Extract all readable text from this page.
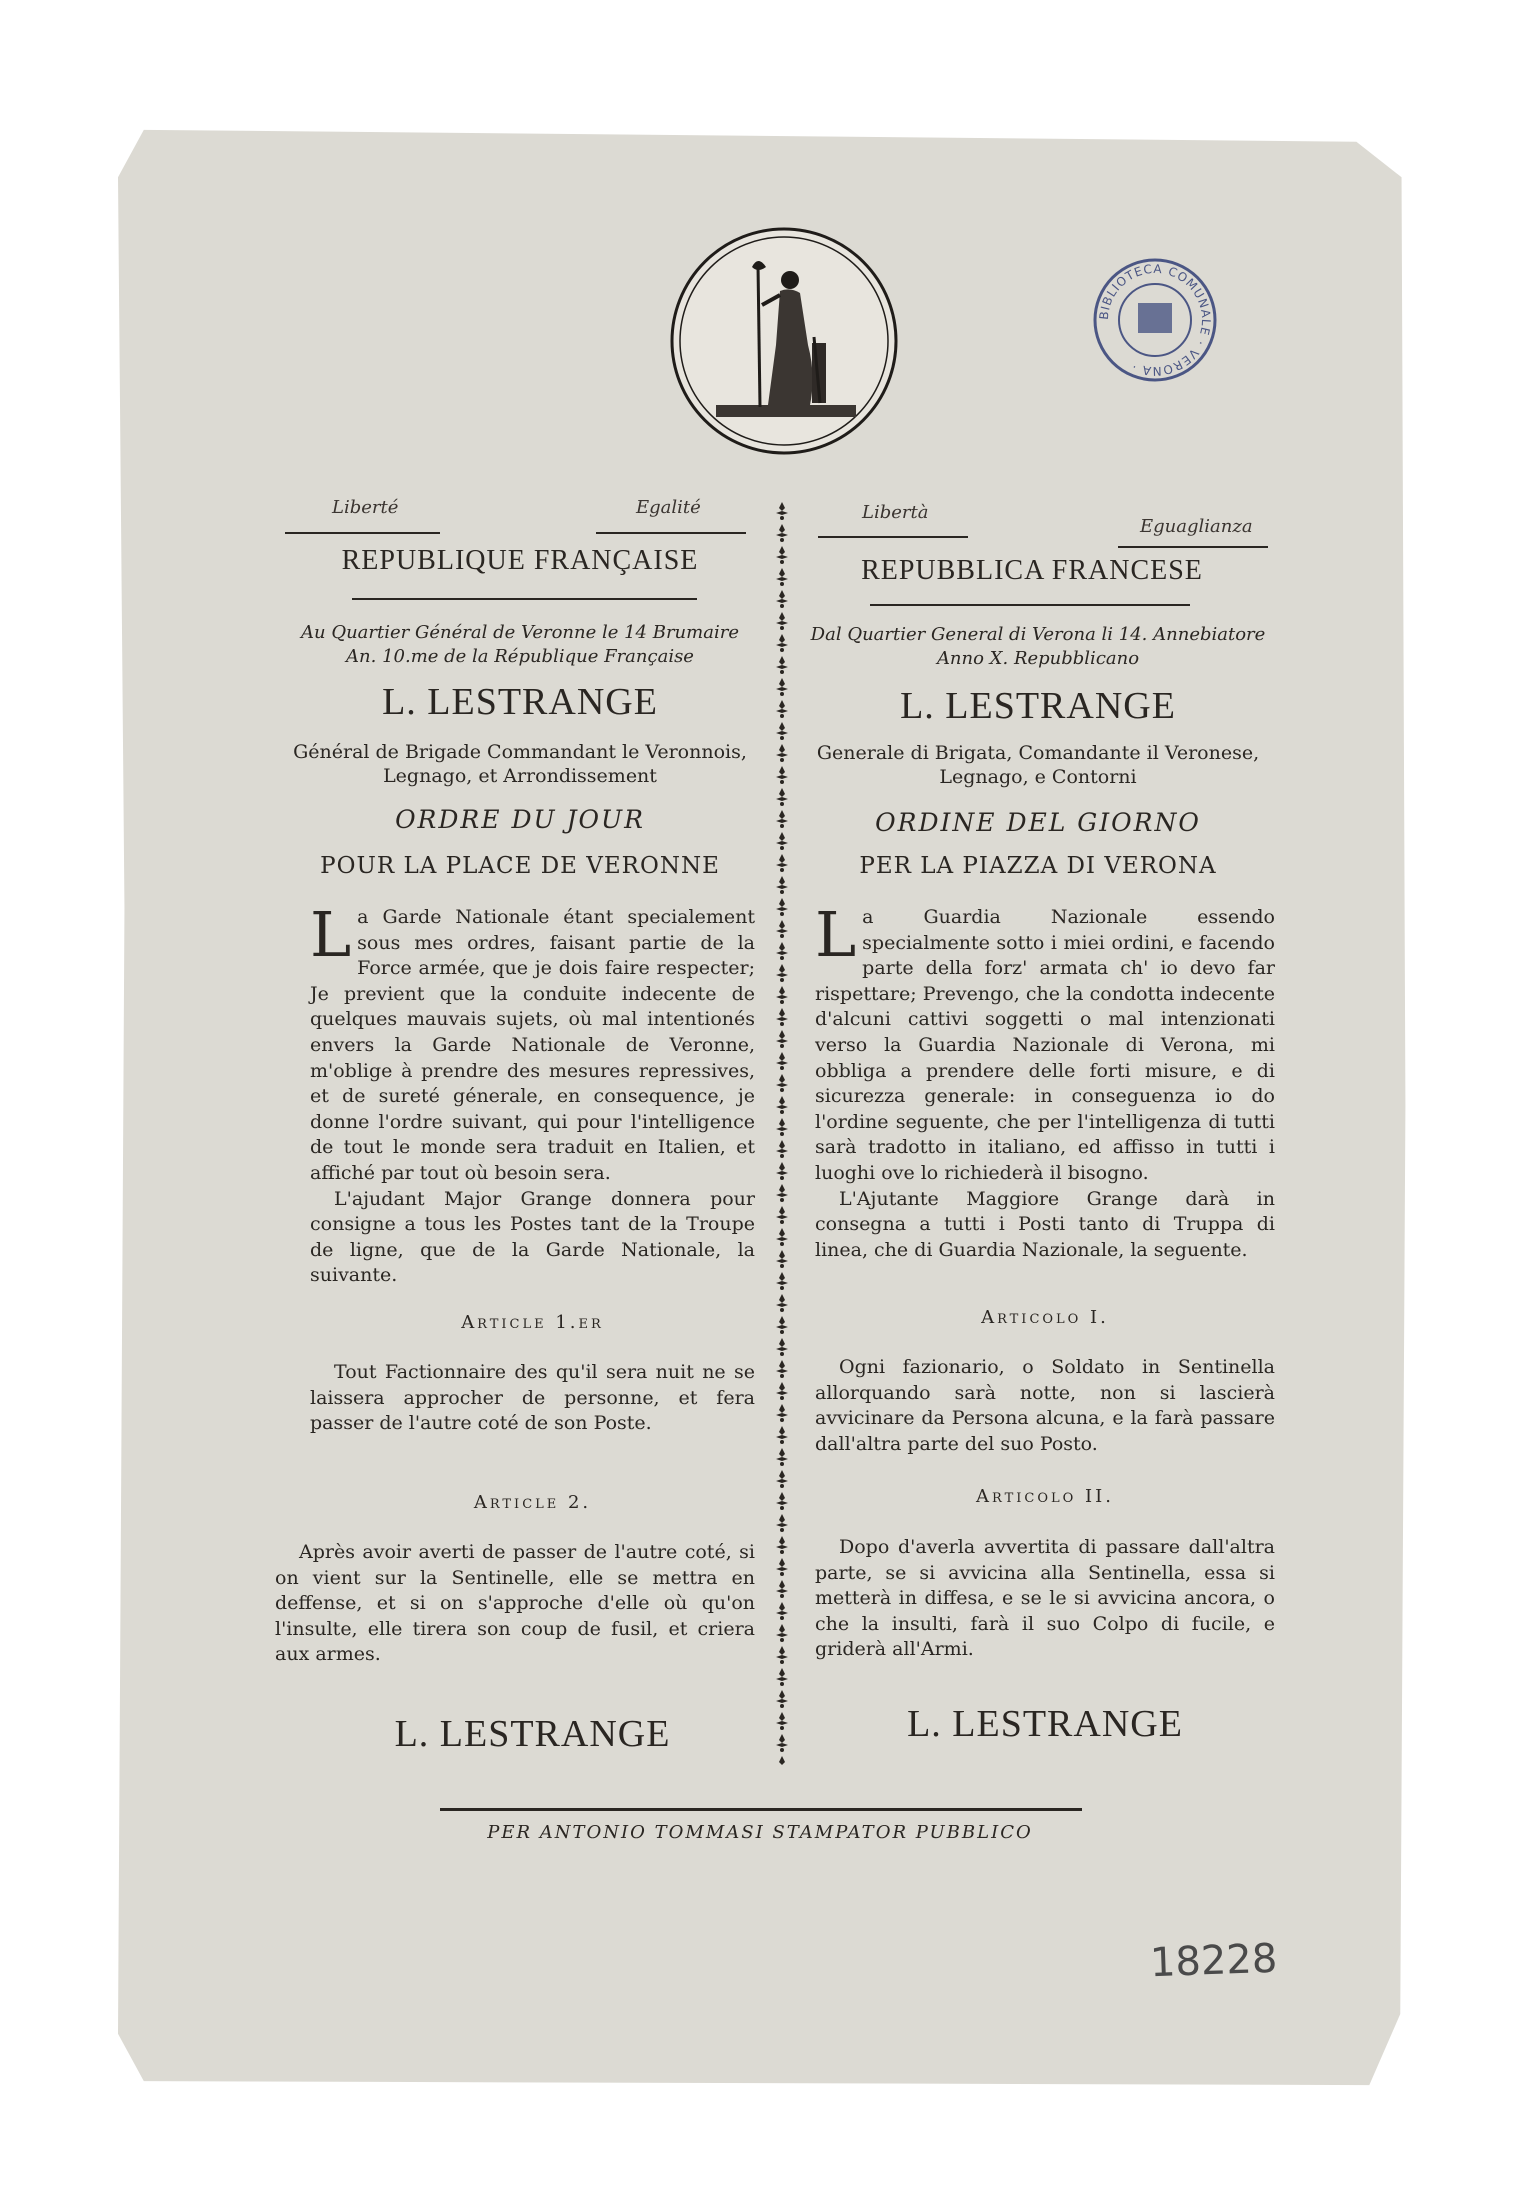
BIBLIOTECA COMUNALE · VERONA ·
Liberté	Egalité
REPUBLIQUE FRANÇAISE
Au Quartier Général de Veronne le 14 Brumaire
An. 10.me de la République Française
L. LESTRANGE
Général de Brigade Commandant le Veronnois,
Legnago, et Arrondissement
ORDRE DU JOUR
POUR LA PLACE DE VERONNE
La Garde Nationale étant specialement sous mes ordres, faisant partie de la Force armée, que je dois faire respecter; Je previent que la conduite indecente de quelques mauvais sujets, où mal intentionés envers la Garde Nationale de Veronne, m'oblige à prendre des mesures repressives, et de sureté génerale, en consequence, je donne l'ordre suivant, qui pour l'intelligence de tout le monde sera traduit en Italien, et affiché par tout où besoin sera.
L'ajudant Major Grange donnera pour consigne a tous les Postes tant de la Troupe de ligne, que de la Garde Nationale, la suivante.
Article 1.er
Tout Factionnaire des qu'il sera nuit ne se laissera approcher de personne, et fera passer de l'autre coté de son Poste.
Article 2.
Après avoir averti de passer de l'autre coté, si on vient sur la Sentinelle, elle se mettra en deffense, et si on s'approche d'elle où qu'on l'insulte, elle tirera son coup de fusil, et criera aux armes.
L. LESTRANGE
Libertà
Eguaglianza
REPUBBLICA FRANCESE
Dal Quartier General di Verona li 14. Annebiatore
Anno X. Repubblicano
L. LESTRANGE
Generale di Brigata, Comandante il Veronese,
Legnago, e Contorni
ORDINE DEL GIORNO
PER LA PIAZZA DI VERONA
La Guardia Nazionale essendo specialmente sotto i miei ordini, e facendo parte della forz' armata ch' io devo far rispettare; Prevengo, che la condotta indecente d'alcuni cattivi soggetti o mal intenzionati verso la Guardia Nazionale di Verona, mi obbliga a prendere delle forti misure, e di sicurezza generale: in conseguenza io do l'ordine seguente, che per l'intelligenza di tutti sarà tradotto in italiano, ed affisso in tutti i luoghi ove lo richiederà il bisogno.
L'Ajutante Maggiore Grange darà in consegna a tutti i Posti tanto di Truppa di linea, che di Guardia Nazionale, la seguente.
Articolo I.
Ogni fazionario, o Soldato in Sentinella allorquando sarà notte, non si lascierà avvicinare da Persona alcuna, e la farà passare dall'altra parte del suo Posto.
Articolo II.
Dopo d'averla avvertita di passare dall'altra parte, se si avvicina alla Sentinella, essa si metterà in diffesa, e se le si avvicina ancora, o che la insulti, farà il suo Colpo di fucile, e griderà all'Armi.
L. LESTRANGE
PER ANTONIO TOMMASI STAMPATOR PUBBLICO
18228
